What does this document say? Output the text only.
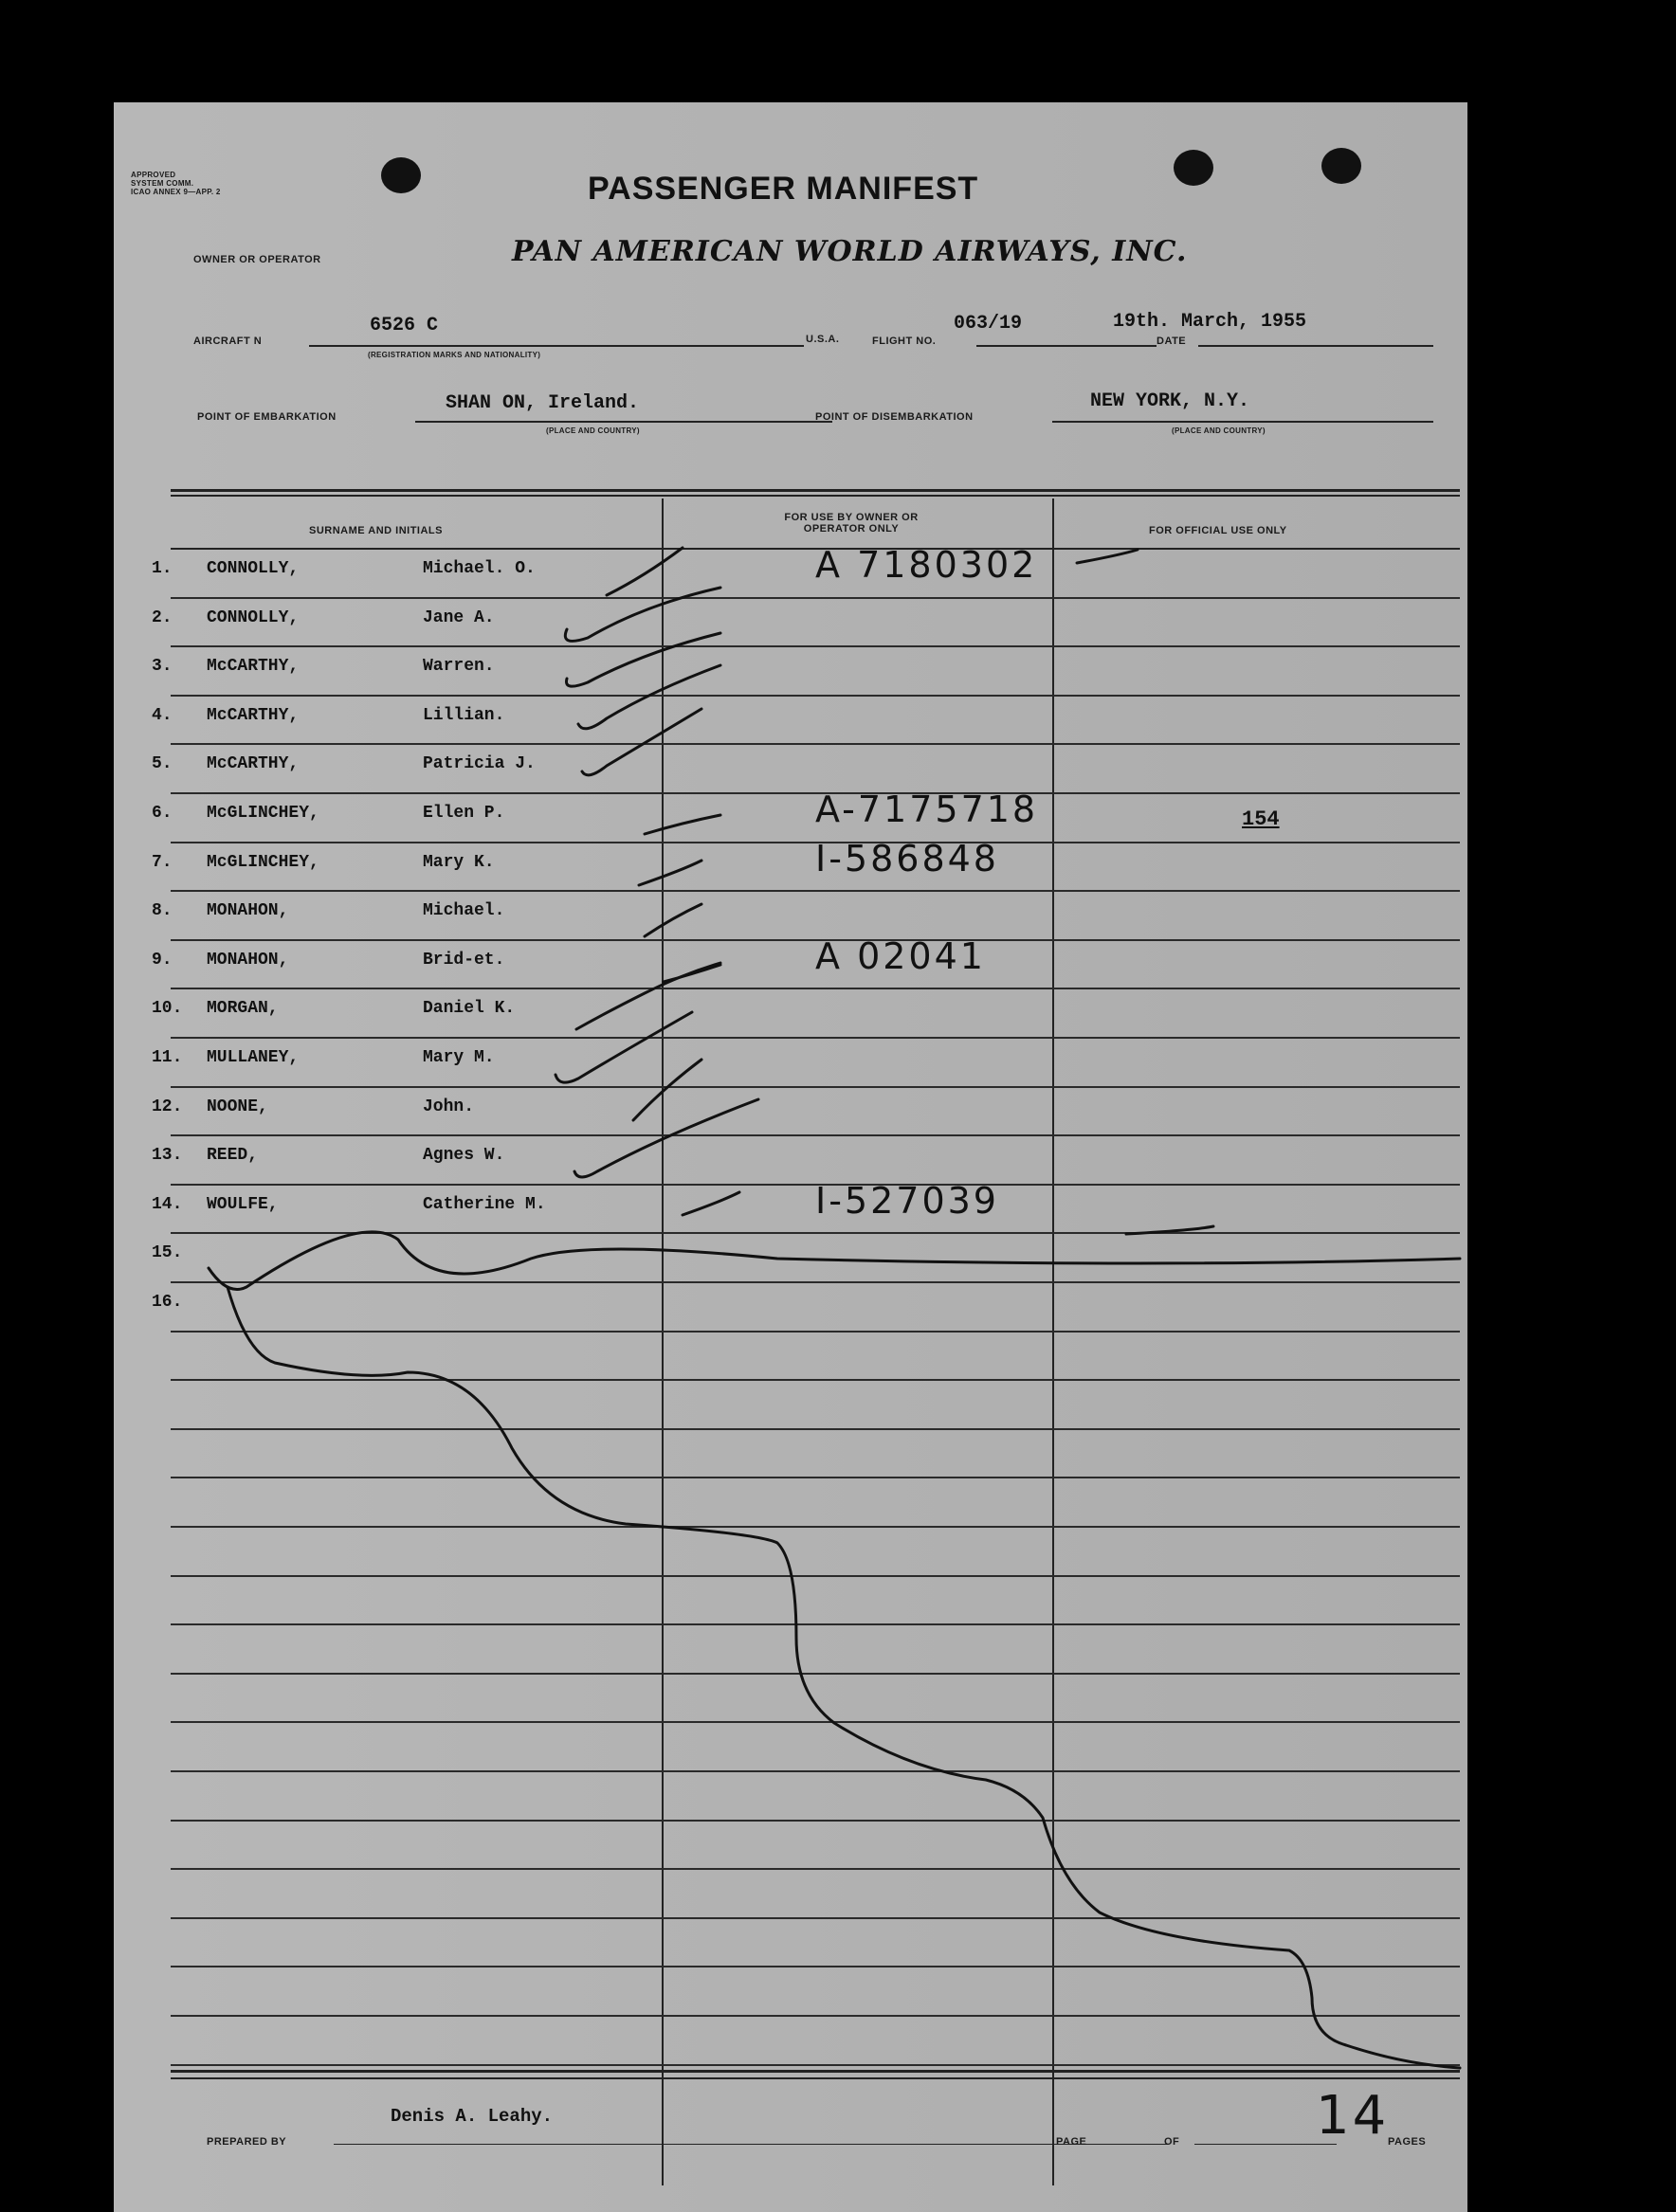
APPROVED
SYSTEM COMM.
ICAO ANNEX 9—APP. 2	PASSENGER MANIFEST
OWNER OR OPERATOR	PAN AMERICAN WORLD AIRWAYS, INC.
AIRCRAFT N
6526 C
(REGISTRATION MARKS AND NATIONALITY)
U.S.A.	FLIGHT NO.
063/19
DATE
19th. March, 1955
POINT OF EMBARKATION
SHAN ON, Ireland.
(PLACE AND COUNTRY)
POINT OF DISEMBARKATION
NEW YORK, N.Y.
(PLACE AND COUNTRY)
SURNAME AND INITIALS
FOR USE BY OWNER OR OPERATOR ONLY	FOR OFFICIAL USE ONLY
1. CONNOLLY,	Michael. O.	A 7180302
2. CONNOLLY,	Jane A.
3. McCARTHY,	Warren.
4. McCARTHY,	Lillian.
5. McCARTHY,	Patricia J.
6. McGLINCHEY,	Ellen P.	A-7175718	154
7. McGLINCHEY,	Mary K.	I-586848
8. MONAHON,	Michael.
9. MONAHON,	Brid-et.	A 02041
10. MORGAN,	Daniel K.
11. MULLANEY,	Mary M.
12. NOONE,	John.
13. REED,	Agnes W.
14. WOULFE,	Catherine M.	I-527039
15.
16.
PREPARED BY
Denis A. Leahy.
PAGE	OF	14
PAGES
